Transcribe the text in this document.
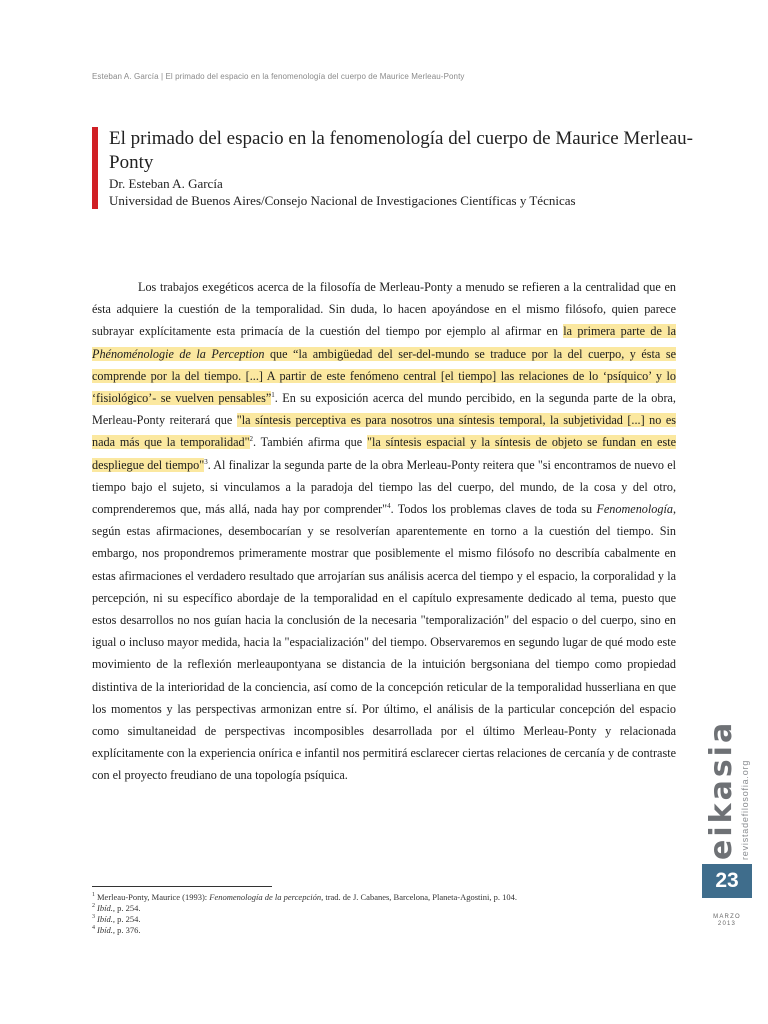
Esteban A. García | El primado del espacio en la fenomenología del cuerpo de Maurice Merleau-Ponty
El primado del espacio en la fenomenología del cuerpo de Maurice Merleau-Ponty
Dr. Esteban A. García
Universidad de Buenos Aires/Consejo Nacional de Investigaciones Científicas y Técnicas

Los trabajos exegéticos acerca de la filosofía de Merleau-Ponty a menudo se refieren a la centralidad que en ésta adquiere la cuestión de la temporalidad. Sin duda, lo hacen apoyándose en el mismo filósofo, quien parece subrayar explícitamente esta primacía de la cuestión del tiempo por ejemplo al afirmar en la primera parte de la Phénoménologie de la Perception que “la ambigüedad del ser-del-mundo se traduce por la del cuerpo, y ésta se comprende por la del tiempo. [...] A partir de este fenómeno central [el tiempo] las relaciones de lo ‘psíquico’ y lo ‘fisiológico’- se vuelven pensables”$^1$. En su exposición acerca del mundo percibido, en la segunda parte de la obra, Merleau-Ponty reiterará que "la síntesis perceptiva es para nosotros una síntesis temporal, la subjetividad [...] no es nada más que la temporalidad"$^2$. También afirma que "la síntesis espacial y la síntesis de objeto se fundan en este despliegue del tiempo"$^3$. Al finalizar la segunda parte de la obra Merleau-Ponty reitera que "si encontramos de nuevo el tiempo bajo el sujeto, si vinculamos a la paradoja del tiempo las del cuerpo, del mundo, de la cosa y del otro, comprenderemos que, más allá, nada hay por comprender"$^4$. Todos los problemas claves de toda su Fenomenología, según estas afirmaciones, desembocarían y se resolverían aparentemente en torno a la cuestión del tiempo. Sin embargo, nos propondremos primeramente mostrar que posiblemente el mismo filósofo no describía cabalmente en estas afirmaciones el verdadero resultado que arrojarían sus análisis acerca del tiempo y el espacio, la corporalidad y la percepción, ni su específico abordaje de la temporalidad en el capítulo expresamente dedicado al tema, puesto que estos desarrollos no nos guían hacia la conclusión de la necesaria "temporalización" del espacio o del cuerpo, sino en igual o incluso mayor medida, hacia la "espacialización" del tiempo. Observaremos en segundo lugar de qué modo este movimiento de la reflexión merleaupontyana se distancia de la intuición bergsoniana del tiempo como propiedad distintiva de la interioridad de la conciencia, así como de la concepción reticular de la temporalidad husserliana en que los momentos y las perspectivas armonizan entre sí. Por último, el análisis de la particular concepción del espacio como simultaneidad de perspectivas incomposibles desarrollada por el último Merleau-Ponty y relacionada explícitamente con la experiencia onírica e infantil nos permitirá esclarecer ciertas relaciones de cercanía y de contraste con el proyecto freudiano de una topología psíquica.

$^1$ Merleau-Ponty, Maurice (1993): Fenomenología de la percepción, trad. de J. Cabanes, Barcelona, Planeta-Agostini, p. 104.
$^2$ Ibíd., p. 254.
$^3$ Ibíd., p. 254.
$^4$ Ibíd., p. 376.
eikasia revistadefilosofia.org
23
MARZO
2013
